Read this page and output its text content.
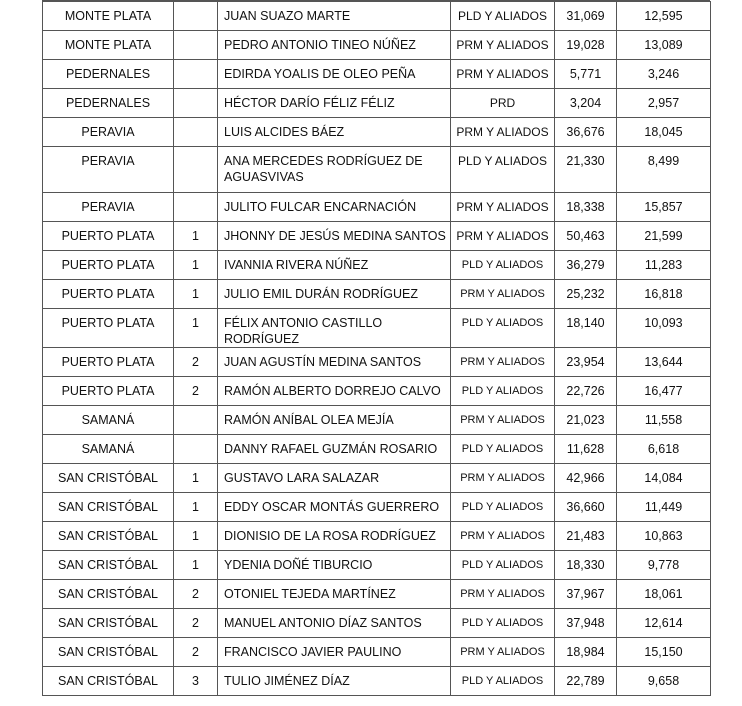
MONTE PLATA		JUAN SUAZO MARTE	PLD Y ALIADOS	31,069	12,595
MONTE PLATA		PEDRO ANTONIO TINEO NÚÑEZ	PRM Y ALIADOS	19,028	13,089
PEDERNALES		EDIRDA YOALIS DE OLEO PEÑA	PRM Y ALIADOS	5,771	3,246
PEDERNALES		HÉCTOR DARÍO FÉLIZ FÉLIZ	PRD	3,204	2,957
PERAVIA		LUIS ALCIDES BÁEZ	PRM Y ALIADOS	36,676	18,045
PERAVIA		ANA MERCEDES RODRÍGUEZ DE AGUASVIVAS	PLD Y ALIADOS	21,330	8,499
PERAVIA		JULITO FULCAR ENCARNACIÓN	PRM Y ALIADOS	18,338	15,857
PUERTO PLATA	1	JHONNY DE JESÚS MEDINA SANTOS	PRM Y ALIADOS	50,463	21,599
PUERTO PLATA	1	IVANNIA RIVERA NÚÑEZ	PLD Y ALIADOS	36,279	11,283
PUERTO PLATA	1	JULIO EMIL DURÁN RODRÍGUEZ	PRM Y ALIADOS	25,232	16,818
PUERTO PLATA	1	FÉLIX ANTONIO CASTILLO RODRÍGUEZ	PLD Y ALIADOS	18,140	10,093
PUERTO PLATA	2	JUAN AGUSTÍN MEDINA SANTOS	PRM Y ALIADOS	23,954	13,644
PUERTO PLATA	2	RAMÓN ALBERTO DORREJO CALVO	PLD Y ALIADOS	22,726	16,477
SAMANÁ		RAMÓN ANÍBAL OLEA MEJÍA	PRM Y ALIADOS	21,023	11,558
SAMANÁ		DANNY RAFAEL GUZMÁN ROSARIO	PLD Y ALIADOS	11,628	6,618
SAN CRISTÓBAL	1	GUSTAVO LARA SALAZAR	PRM Y ALIADOS	42,966	14,084
SAN CRISTÓBAL	1	EDDY OSCAR MONTÁS GUERRERO	PLD Y ALIADOS	36,660	11,449
SAN CRISTÓBAL	1	DIONISIO DE LA ROSA RODRÍGUEZ	PRM Y ALIADOS	21,483	10,863
SAN CRISTÓBAL	1	YDENIA DOÑÉ TIBURCIO	PLD Y ALIADOS	18,330	9,778
SAN CRISTÓBAL	2	OTONIEL TEJEDA MARTÍNEZ	PRM Y ALIADOS	37,967	18,061
SAN CRISTÓBAL	2	MANUEL ANTONIO DÍAZ SANTOS	PLD Y ALIADOS	37,948	12,614
SAN CRISTÓBAL	2	FRANCISCO JAVIER PAULINO	PRM Y ALIADOS	18,984	15,150
SAN CRISTÓBAL	3	TULIO JIMÉNEZ DÍAZ	PLD Y ALIADOS	22,789	9,658
